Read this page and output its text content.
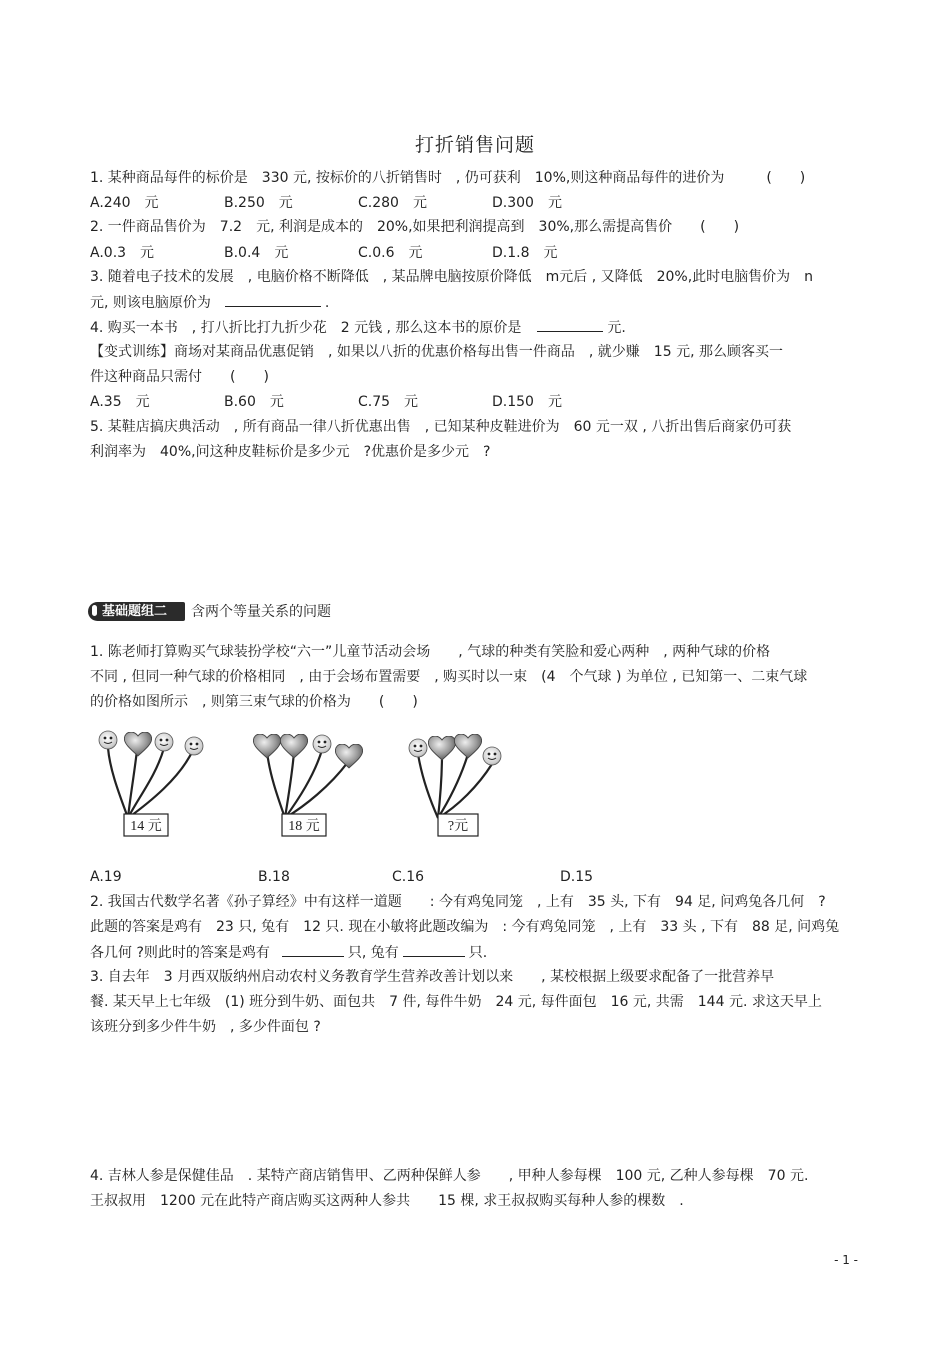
打折销售问题
1. 某种商品每件的标价是　330 元, 按标价的八折销售时　, 仍可获利　10%,则这种商品每件的进价为　　　(　　)
A.240　元	B.250　元	C.280　元	D.300　元
2. 一件商品售价为　7.2　元, 利润是成本的　20%,如果把利润提高到　30%,那么需提高售价　　(　　)
A.0.3　元	B.0.4　元	C.0.6　元	D.1.8　元
3. 随着电子技术的发展　, 电脑价格不断降低　, 某品牌电脑按原价降低　m元后 , 又降低　20%,此时电脑售价为　n
元, 则该电脑原价为	.
4. 购买一本书　, 打八折比打九折少花　2 元钱 , 那么这本书的原价是	元.
【变式训练】商场对某商品优惠促销　, 如果以八折的优惠价格每出售一件商品　, 就少赚　15 元, 那么顾客买一
件这种商品只需付　　(　　)
A.35　元	B.60　元	C.75　元	D.150　元
5. 某鞋店搞庆典活动　, 所有商品一律八折优惠出售　, 已知某种皮鞋进价为　60 元一双 , 八折出售后商家仍可获
利润率为　40%,问这种皮鞋标价是多少元　?优惠价是多少元　?
基础题组二	含两个等量关系的问题
1. 陈老师打算购买气球装扮学校“六一”儿童节活动会场　　, 气球的种类有笑脸和爱心两种　, 两种气球的价格
不同 , 但同一种气球的价格相同　, 由于会场布置需要　, 购买时以一束　(4　个气球 ) 为单位 , 已知第一、二束气球
的价格如图所示　, 则第三束气球的价格为　　(　　)
14 元	18 元	?元
A.19	B.18	C.16	D.15
2. 我国古代数学名著《孙子算经》中有这样一道题　　: 今有鸡兔同笼　, 上有　35 头, 下有　94 足, 问鸡兔各几何　?
此题的答案是鸡有　23 只, 兔有　12 只. 现在小敏将此题改编为　: 今有鸡兔同笼　, 上有　33 头 , 下有　88 足, 问鸡兔
各几何 ?则此时的答案是鸡有	只, 兔有	只.
3. 自去年　3 月西双版纳州启动农村义务教育学生营养改善计划以来　　, 某校根据上级要求配备了一批营养早
餐. 某天早上七年级　(1) 班分到牛奶、面包共　7 件, 每件牛奶　24 元, 每件面包　16 元, 共需　144 元. 求这天早上
该班分到多少件牛奶　, 多少件面包 ?
4. 吉林人参是保健佳品　. 某特产商店销售甲、乙两种保鲜人参　　, 甲种人参每棵　100 元, 乙种人参每棵　70 元.
王叔叔用　1200 元在此特产商店购买这两种人参共　　15 棵, 求王叔叔购买每种人参的棵数　.
- 1 -
